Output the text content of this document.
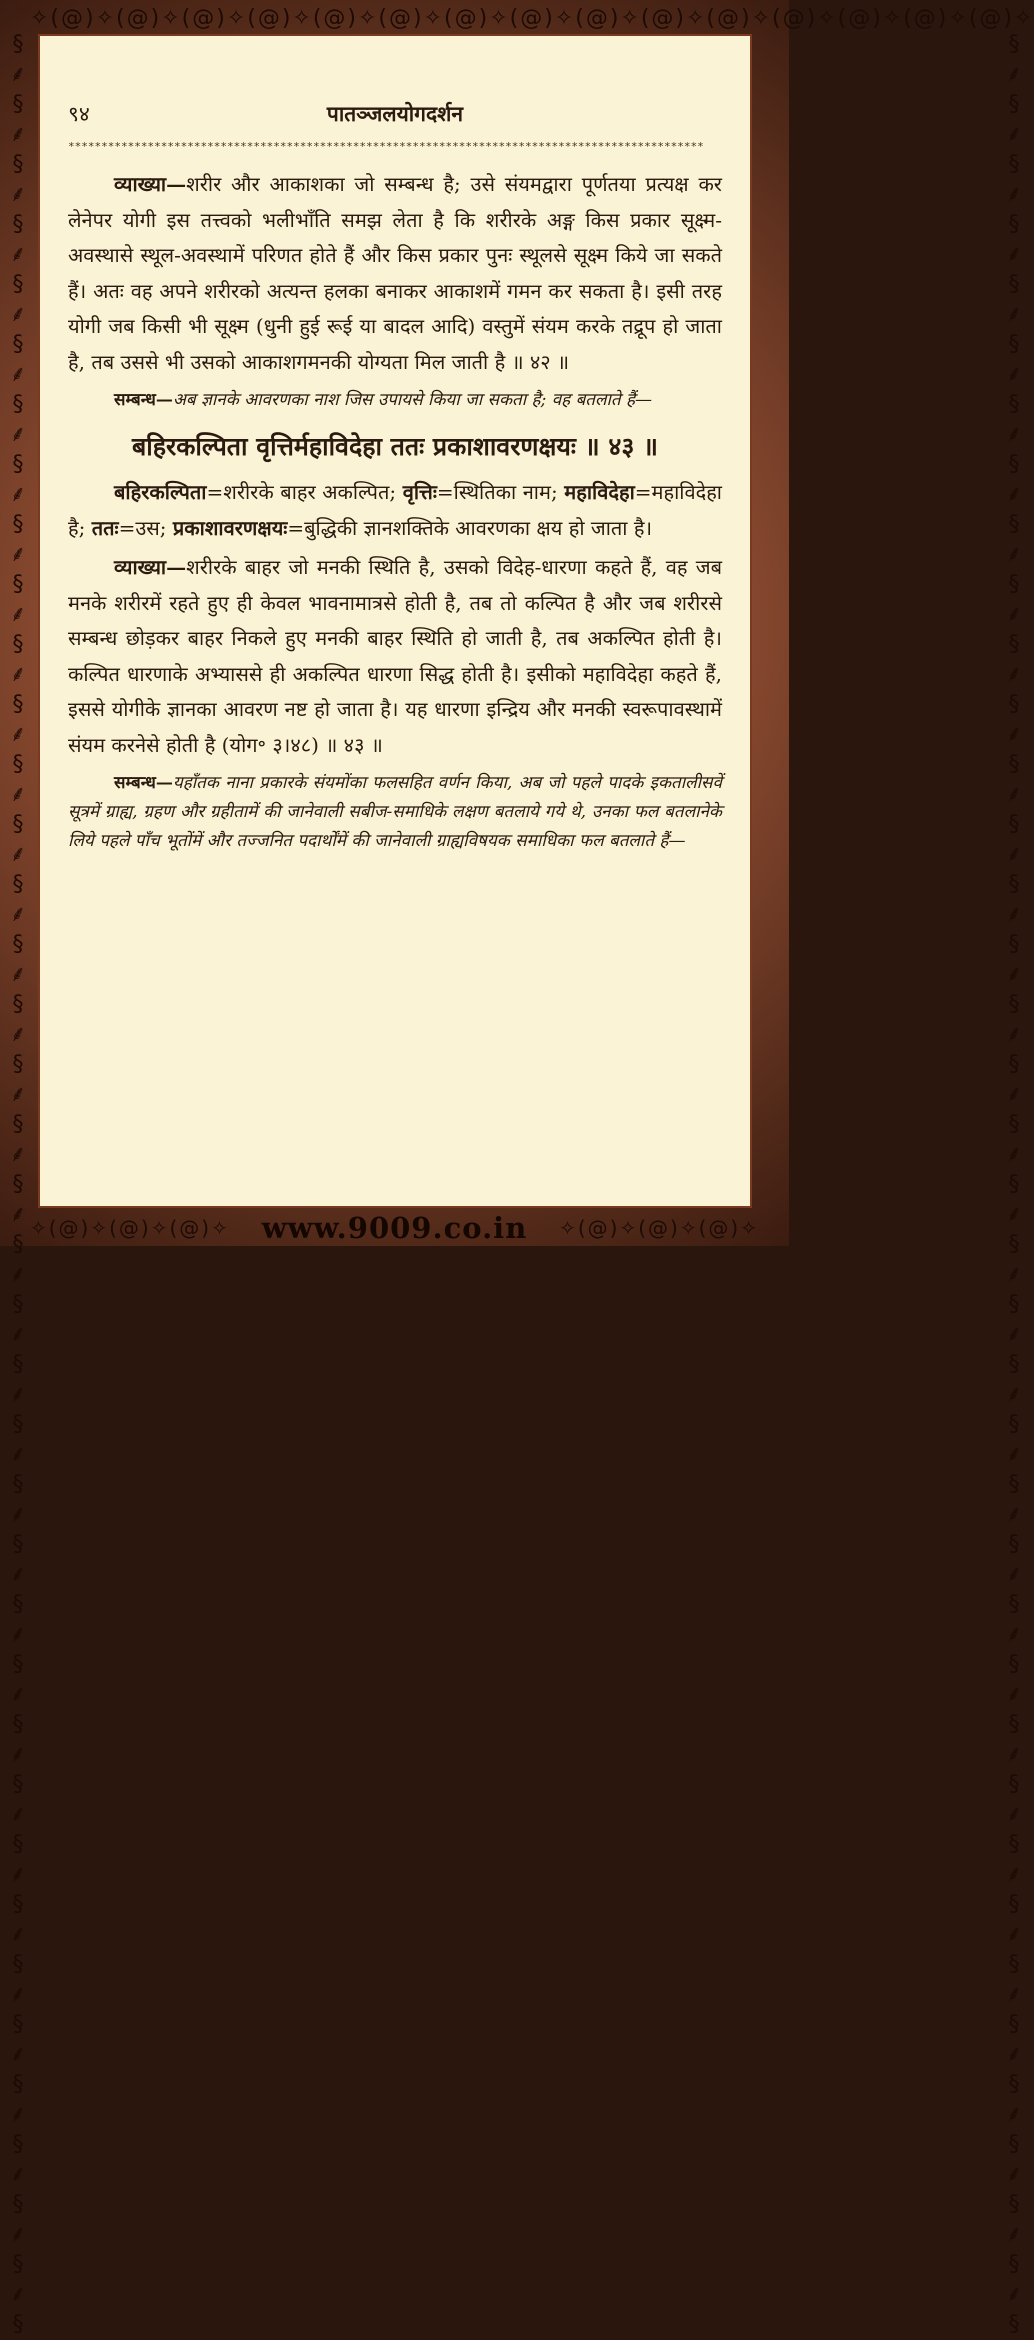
✧(@)✧(@)✧(@)✧(@)✧(@)✧(@)✧(@)✧(@)✧(@)✧(@)✧(@)✧(@)✧(@)✧(@)✧(@)✧
§ ⸙ § ⸙ § ⸙ § ⸙ § ⸙ § ⸙ § ⸙ § ⸙ § ⸙ § ⸙ § ⸙ § ⸙ § ⸙ § ⸙ § ⸙ § ⸙ § ⸙ § ⸙ § ⸙ § ⸙ § ⸙ § ⸙ § ⸙ § ⸙ § ⸙ § ⸙ § ⸙ § ⸙ § ⸙ § ⸙ § ⸙ § ⸙ § ⸙ § ⸙ § ⸙ § ⸙ § ⸙ § ⸙ §
§ ⸙ § ⸙ § ⸙ § ⸙ § ⸙ § ⸙ § ⸙ § ⸙ § ⸙ § ⸙ § ⸙ § ⸙ § ⸙ § ⸙ § ⸙ § ⸙ § ⸙ § ⸙ § ⸙ § ⸙ § ⸙ § ⸙ § ⸙ § ⸙ § ⸙ § ⸙ § ⸙ § ⸙ § ⸙ § ⸙ § ⸙ § ⸙ § ⸙ § ⸙ § ⸙ § ⸙ § ⸙ § ⸙ §
९४	पातञ्जलयोगदर्शन
************************************************************************************************

व्याख्या—शरीर और आकाशका जो सम्बन्ध है; उसे संयमद्वारा पूर्णतया प्रत्यक्ष कर लेनेपर योगी इस तत्त्वको भलीभाँति समझ लेता है कि शरीरके अङ्ग किस प्रकार सूक्ष्म-अवस्थासे स्थूल-अवस्थामें परिणत होते हैं और किस प्रकार पुनः स्थूलसे सूक्ष्म किये जा सकते हैं। अतः वह अपने शरीरको अत्यन्त हलका बनाकर आकाशमें गमन कर सकता है। इसी तरह योगी जब किसी भी सूक्ष्म (धुनी हुई रूई या बादल आदि) वस्तुमें संयम करके तद्रूप हो जाता है, तब उससे भी उसको आकाशगमनकी योग्यता मिल जाती है ॥ ४२ ॥

सम्बन्ध—अब ज्ञानके आवरणका नाश जिस उपायसे किया जा सकता है; वह बतलाते हैं—

बहिरकल्पिता वृत्तिर्महाविदेहा ततः प्रकाशावरणक्षयः ॥ ४३ ॥

बहिरकल्पिता=शरीरके बाहर अकल्पित; वृत्तिः=स्थितिका नाम; महाविदेहा=महाविदेहा है; ततः=उस; प्रकाशावरणक्षयः=बुद्धिकी ज्ञानशक्तिके आवरणका क्षय हो जाता है।

व्याख्या—शरीरके बाहर जो मनकी स्थिति है, उसको विदेह-धारणा कहते हैं, वह जब मनके शरीरमें रहते हुए ही केवल भावनामात्रसे होती है, तब तो कल्पित है और जब शरीरसे सम्बन्ध छोड़कर बाहर निकले हुए मनकी बाहर स्थिति हो जाती है, तब अकल्पित होती है। कल्पित धारणाके अभ्याससे ही अकल्पित धारणा सिद्ध होती है। इसीको महाविदेहा कहते हैं, इससे योगीके ज्ञानका आवरण नष्ट हो जाता है। यह धारणा इन्द्रिय और मनकी स्वरूपावस्थामें संयम करनेसे होती है (योग॰ ३।४८) ॥ ४३ ॥

सम्बन्ध—यहाँतक नाना प्रकारके संयमोंका फलसहित वर्णन किया, अब जो पहले पादके इकतालीसवें सूत्रमें ग्राह्य, ग्रहण और ग्रहीतामें की जानेवाली सबीज-समाधिके लक्षण बतलाये गये थे, उनका फल बतलानेके लिये पहले पाँच भूतोंमें और तज्जनित पदार्थोंमें की जानेवाली ग्राह्यविषयक समाधिका फल बतलाते हैं—

✧(@)✧(@)✧(@)✧ www.9009.co.in ✧(@)✧(@)✧(@)✧
